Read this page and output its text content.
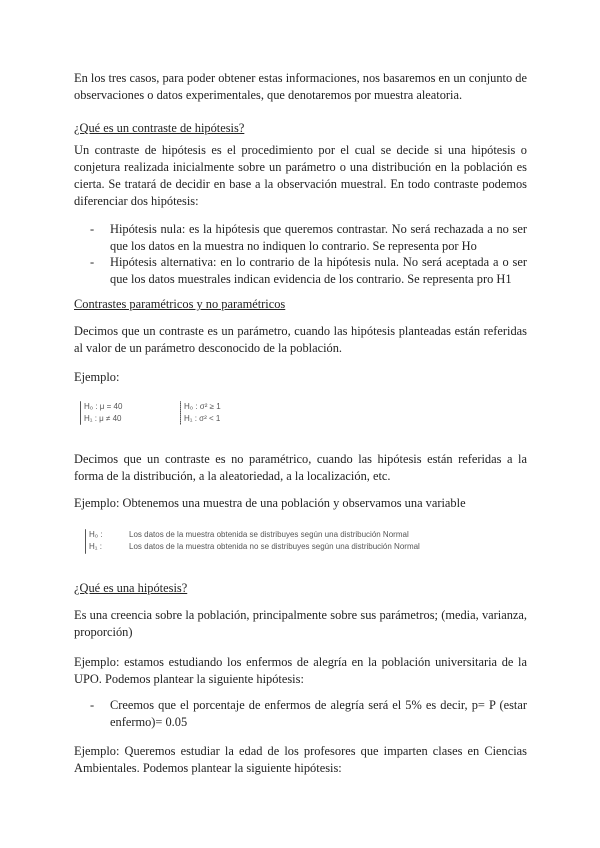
En los tres casos, para poder obtener estas informaciones, nos basaremos en un conjunto de observaciones o datos experimentales, que denotaremos por muestra aleatoria.

¿Qué es un contraste de hipótesis?

Un contraste de hipótesis es el procedimiento por el cual se decide si una hipótesis o conjetura realizada inicialmente sobre un parámetro o una distribución en la población es cierta. Se tratará de decidir en base a la observación muestral. En todo contraste podemos diferenciar dos hipótesis:

- Hipótesis nula: es la hipótesis que queremos contrastar. No será rechazada a no ser que los datos en la muestra no indiquen lo contrario. Se representa por Ho
- Hipótesis alternativa: en lo contrario de la hipótesis nula. No será aceptada a o ser que los datos muestrales indican evidencia de los contrario. Se representa pro H1

Contrastes paramétricos y no paramétricos

Decimos que un contraste es un parámetro, cuando las hipótesis planteadas están referidas al valor de un parámetro desconocido de la población.

Ejemplo:

H₀ : μ = 40
H₁ : μ ≠ 40
H₀ : σ² ≥ 1
H₁ : σ² < 1

Decimos que un contraste es no paramétrico, cuando las hipótesis están referidas a la forma de la distribución, a la aleatoriedad, a la localización, etc.

Ejemplo: Obtenemos una muestra de una población y observamos una variable

H₀ :	Los datos de la muestra obtenida se distribuyes según una distribución Normal
H₁ :	Los datos de la muestra obtenida no se distribuyes según una distribución Normal

¿Qué es una hipótesis?

Es una creencia sobre la población, principalmente sobre sus parámetros; (media, varianza, proporción)

Ejemplo: estamos estudiando los enfermos de alegría en la población universitaria de la UPO. Podemos plantear la siguiente hipótesis:

- Creemos que el porcentaje de enfermos de alegría será el 5% es decir, p= P (estar enfermo)= 0.05

Ejemplo: Queremos estudiar la edad de los profesores que imparten clases en Ciencias Ambientales. Podemos plantear la siguiente hipótesis:
